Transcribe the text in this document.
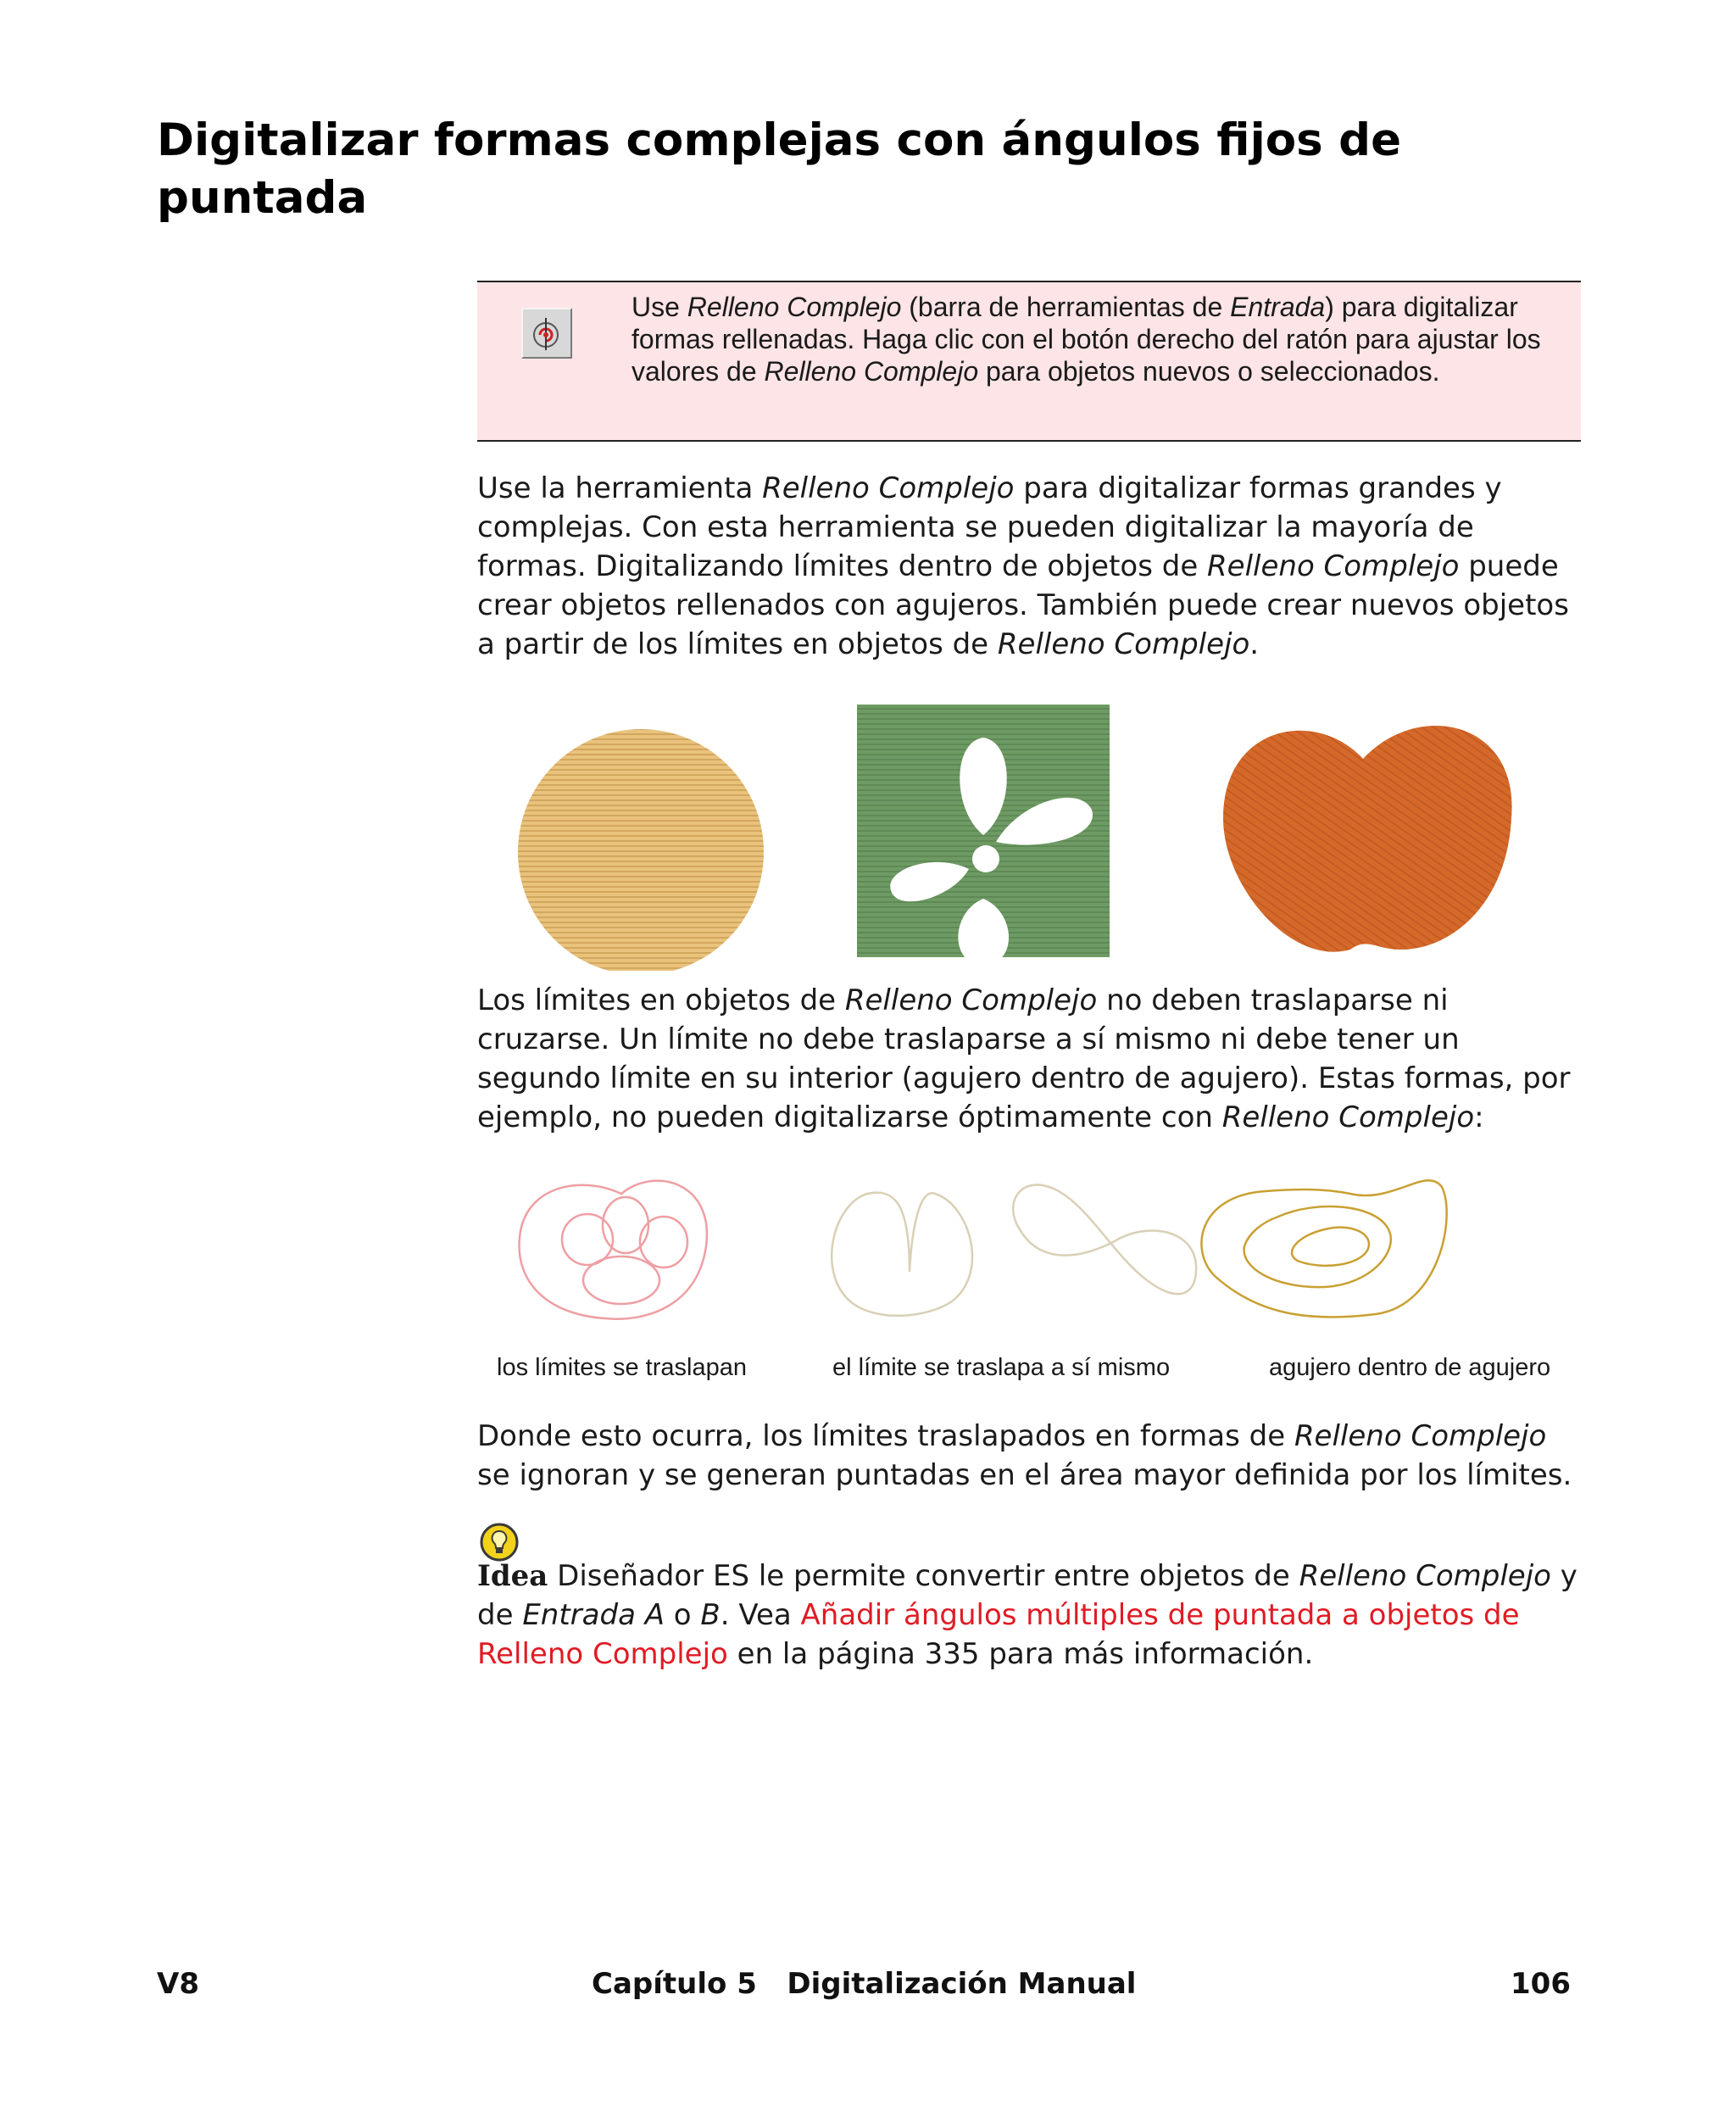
Digitalizar formas complejas con ángulos fijos de puntada
Use Relleno Complejo (barra de herramientas de Entrada) para digitalizar formas rellenadas. Haga clic con el botón derecho del ratón para ajustar los valores de Relleno Complejo para objetos nuevos o seleccionados.
Use la herramienta Relleno Complejo para digitalizar formas grandes y complejas. Con esta herramienta se pueden digitalizar la mayoría de formas. Digitalizando límites dentro de objetos de Relleno Complejo puede crear objetos rellenados con agujeros. También puede crear nuevos objetos a partir de los límites en objetos de Relleno Complejo.
Los límites en objetos de Relleno Complejo no deben traslaparse ni cruzarse. Un límite no debe traslaparse a sí mismo ni debe tener un segundo límite en su interior (agujero dentro de agujero). Estas formas, por ejemplo, no pueden digitalizarse óptimamente con Relleno Complejo:
los límites se traslapan	el límite se traslapa a sí mismo	agujero dentro de agujero
Donde esto ocurra, los límites traslapados en formas de Relleno Complejo se ignoran y se generan puntadas en el área mayor definida por los límites.
Idea Diseñador ES le permite convertir entre objetos de Relleno Complejo y de Entrada A o B. Vea Añadir ángulos múltiples de puntada a objetos de Relleno Complejo en la página 335 para más información.
V8	Capítulo 5   Digitalización Manual	106
